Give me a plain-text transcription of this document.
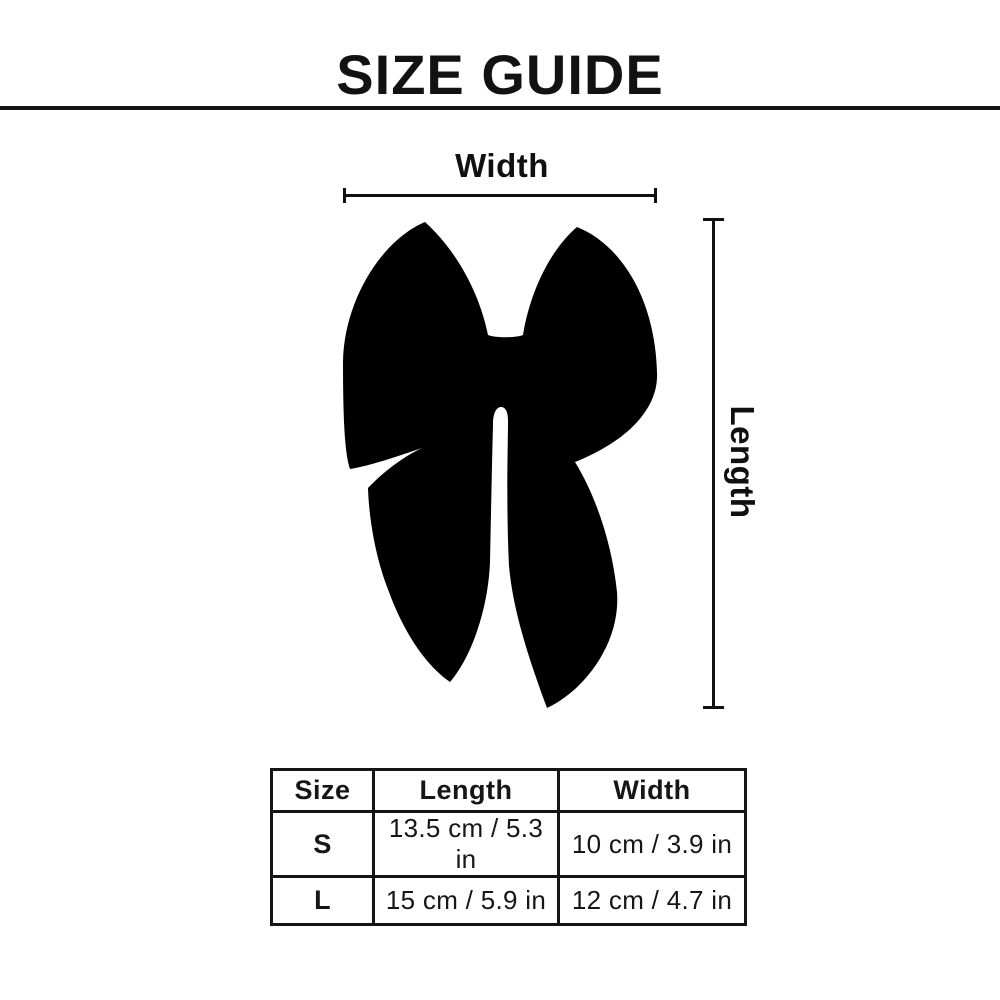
SIZE GUIDE
Width
Length
Size	Length	Width
S	13.5 cm / 5.3 in	10 cm / 3.9 in
L	15 cm / 5.9 in	12 cm / 4.7 in
